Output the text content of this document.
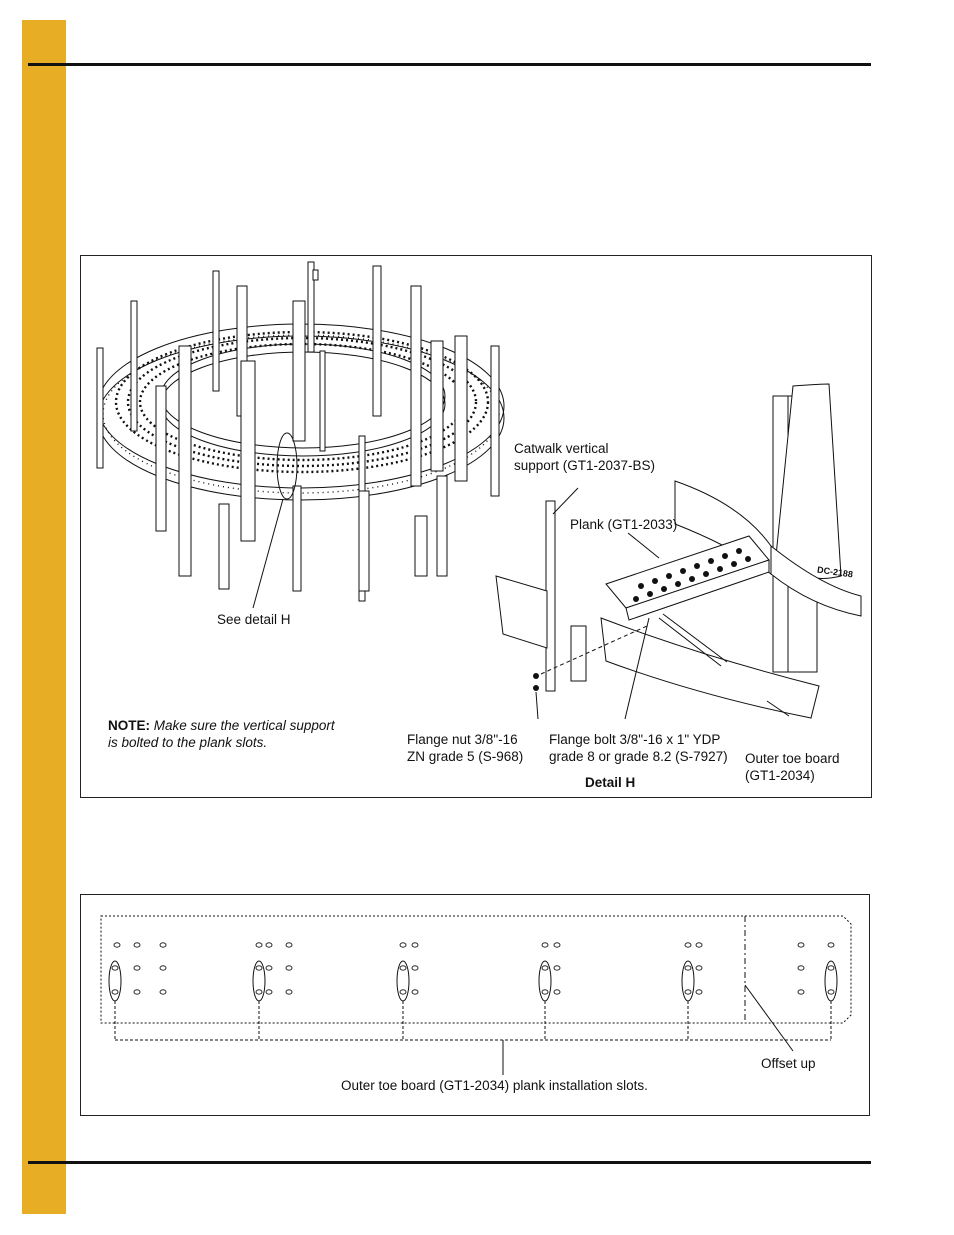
See detail H
Catwalk vertical
support (GT1-2037-BS)
Plank (GT1-2033)
Flange nut 3/8"-16
ZN grade 5 (S-968)
Flange bolt 3/8"-16 x 1" YDP
grade 8 or grade 8.2 (S-7927) Outer toe board
(GT1-2034)
Detail H
DC-2188
NOTE: Make sure the vertical support
is bolted to the plank slots.
Offset up
Outer toe board (GT1-2034) plank installation slots.
